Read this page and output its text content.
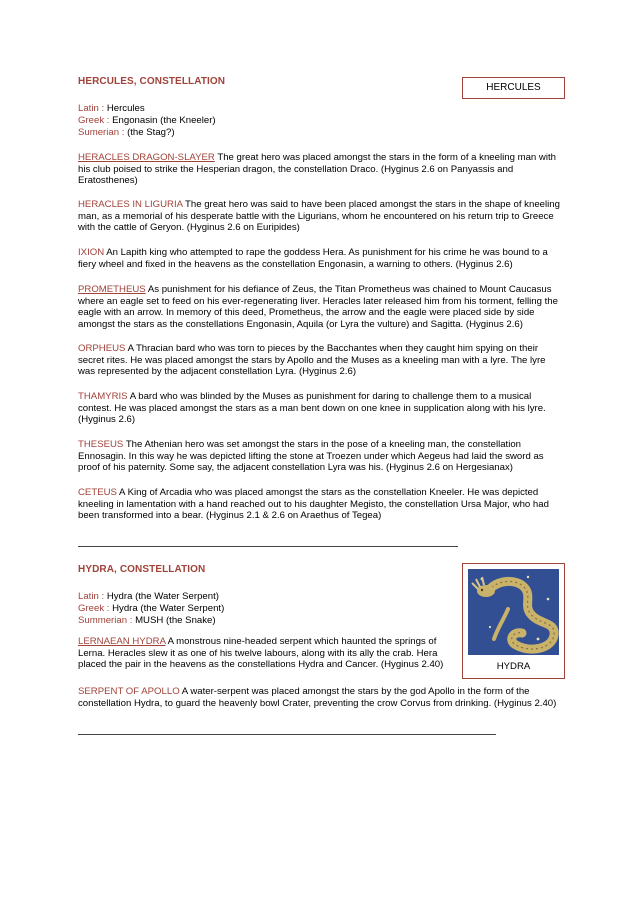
HERCULES, CONSTELLATION
HERCULES
Latin : Hercules
Greek : Engonasin (the Kneeler)
Sumerian : (the Stag?)
HERACLES DRAGON-SLAYER The great hero was placed amongst the stars in the form of a kneeling man with his club poised to strike the Hesperian dragon, the constellation Draco. (Hyginus 2.6 on Panyassis and Eratosthenes)
HERACLES IN LIGURIA The great hero was said to have been placed amongst the stars in the shape of kneeling man, as a memorial of his desperate battle with the Ligurians, whom he encountered on his return trip to Greece with the cattle of Geryon. (Hyginus 2.6 on Euripides)
IXION An Lapith king who attempted to rape the goddess Hera. As punishment for his crime he was bound to a fiery wheel and fixed in the heavens as the constellation Engonasin, a warning to others. (Hyginus 2.6)
PROMETHEUS As punishment for his defiance of Zeus, the Titan Prometheus was chained to Mount Caucasus where an eagle set to feed on his ever-regenerating liver. Heracles later released him from his torment, felling the eagle with an arrow. In memory of this deed, Prometheus, the arrow and the eagle were placed side by side amongst the stars as the constellations Engonasin, Aquila (or Lyra the vulture) and Sagitta. (Hyginus 2.6)
ORPHEUS A Thracian bard who was torn to pieces by the Bacchantes when they caught him spying on their secret rites. He was placed amongst the stars by Apollo and the Muses as a kneeling man with a lyre. The lyre was represented by the adjacent constellation Lyra. (Hyginus 2.6)
THAMYRIS A bard who was blinded by the Muses as punishment for daring to challenge them to a musical contest. He was placed amongst the stars as a man bent down on one knee in supplication along with his lyre. (Hyginus 2.6)
THESEUS The Athenian hero was set amongst the stars in the pose of a kneeling man, the constellation Ennosagin. In this way he was depicted lifting the stone at Troezen under which Aegeus had laid the sword as proof of his paternity. Some say, the adjacent constellation Lyra was his. (Hyginus 2.6 on Hergesianax)
CETEUS A King of Arcadia who was placed amongst the stars as the constellation Kneeler. He was depicted kneeling in lamentation with a hand reached out to his daughter Megisto, the constellation Ursa Major, who had been transformed into a bear. (Hyginus 2.1 & 2.6 on Araethus of Tegea)
HYDRA, CONSTELLATION
Latin : Hydra (the Water Serpent)
Greek : Hydra (the Water Serpent)
Summerian : MUSH (the Snake)
LERNAEAN HYDRA A monstrous nine-headed serpent which haunted the springs of Lerna. Heracles slew it as one of his twelve labours, along with its ally the crab. Hera placed the pair in the heavens as the constellations Hydra and Cancer. (Hyginus 2.40)	HYDRA
SERPENT OF APOLLO A water-serpent was placed amongst the stars by the god Apollo in the form of the constellation Hydra, to guard the heavenly bowl Crater, preventing the crow Corvus from drinking. (Hyginus 2.40)
